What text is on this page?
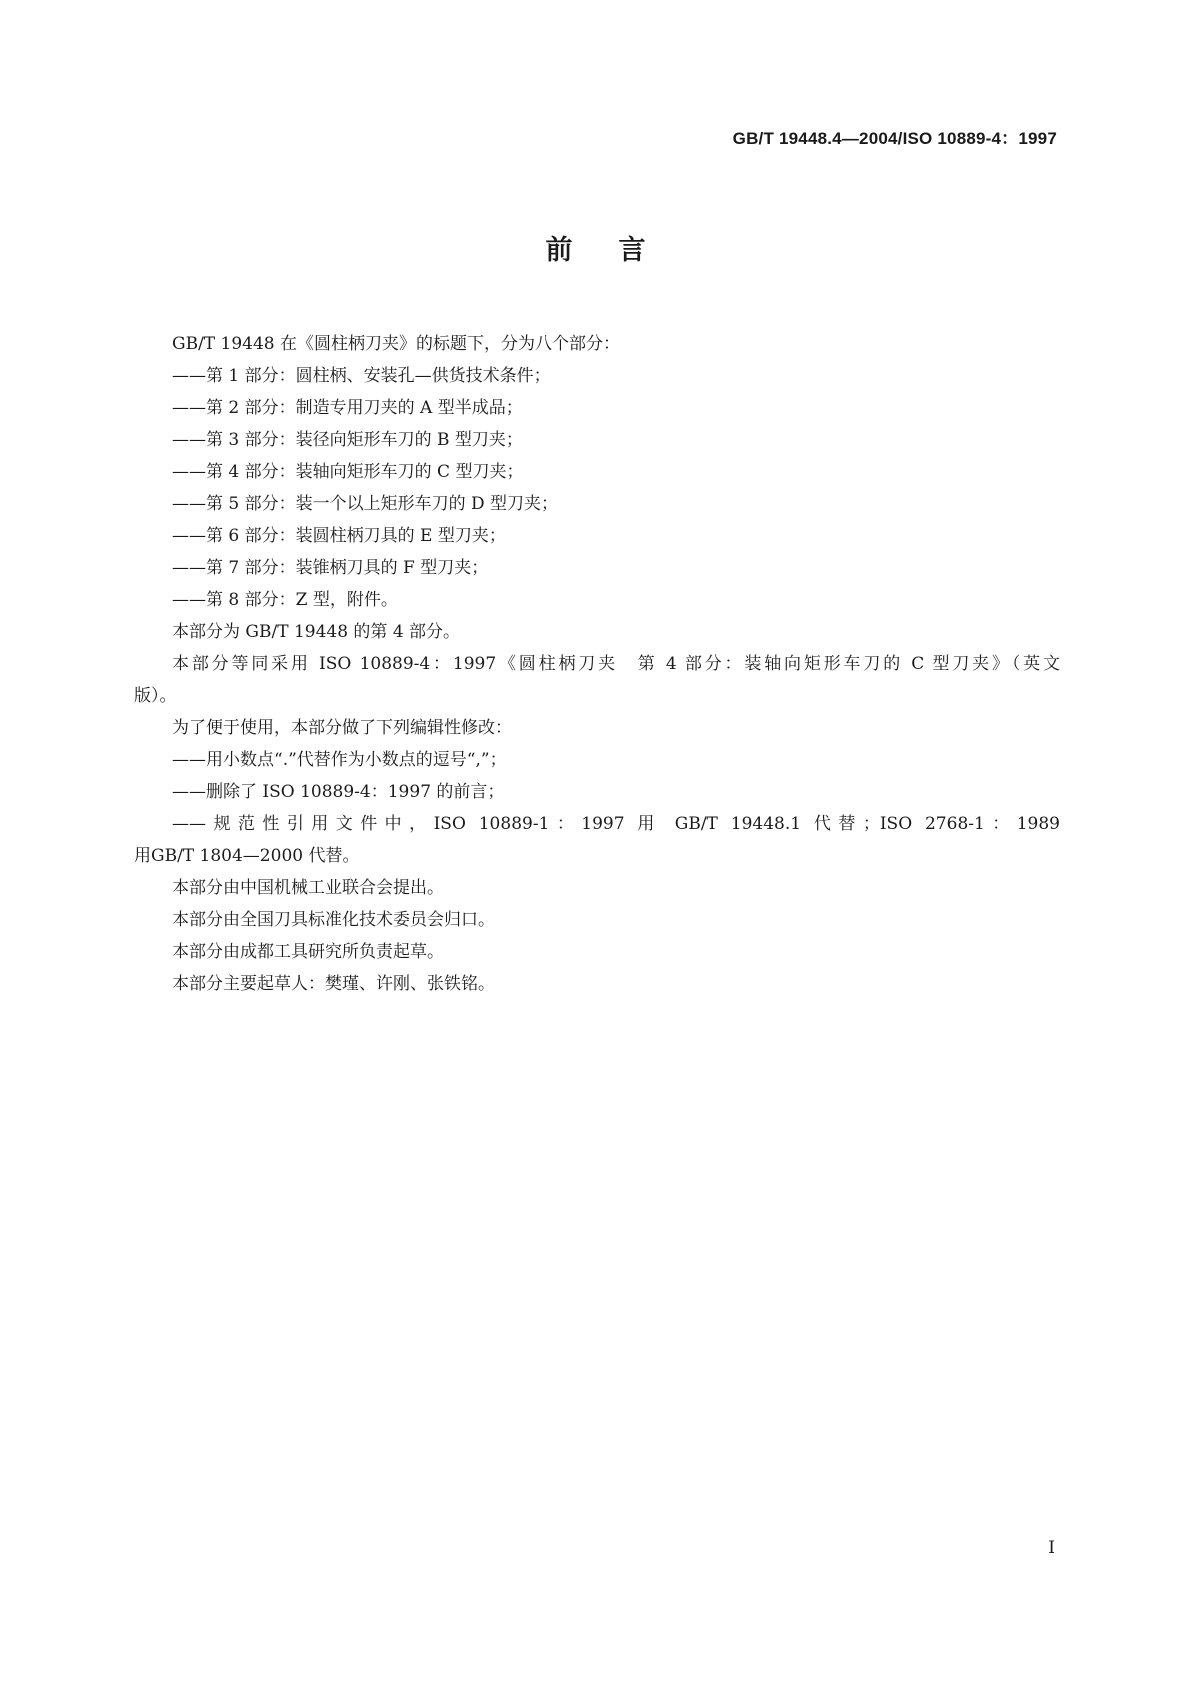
GB/T 19448.4—2004/ISO 10889-4：1997
前言
GB/T 19448 在《圆柱柄刀夹》的标题下，分为八个部分：
——第 1 部分：圆柱柄、安装孔—供货技术条件；
——第 2 部分：制造专用刀夹的 A 型半成品；
——第 3 部分：装径向矩形车刀的 B 型刀夹；
——第 4 部分：装轴向矩形车刀的 C 型刀夹；
——第 5 部分：装一个以上矩形车刀的 D 型刀夹；
——第 6 部分：装圆柱柄刀具的 E 型刀夹；
——第 7 部分：装锥柄刀具的 F 型刀夹；
——第 8 部分：Z 型，附件。
本部分为 GB/T 19448 的第 4 部分。
本部分等同采用 ISO 10889-4：1997《圆柱柄刀夹　第 4 部分：装轴向矩形车刀的 C 型刀夹》（英文
版）。
为了便于使用，本部分做了下列编辑性修改：
——用小数点“.”代替作为小数点的逗号“,”；
——删除了 ISO 10889-4：1997 的前言；
——规范性引用文件中，ISO 10889-1：1997 用 GB/T 19448.1 代替；ISO 2768-1：1989
用GB/T 1804—2000 代替。
本部分由中国机械工业联合会提出。
本部分由全国刀具标准化技术委员会归口。
本部分由成都工具研究所负责起草。
本部分主要起草人：樊瑾、许刚、张铁铭。
I
